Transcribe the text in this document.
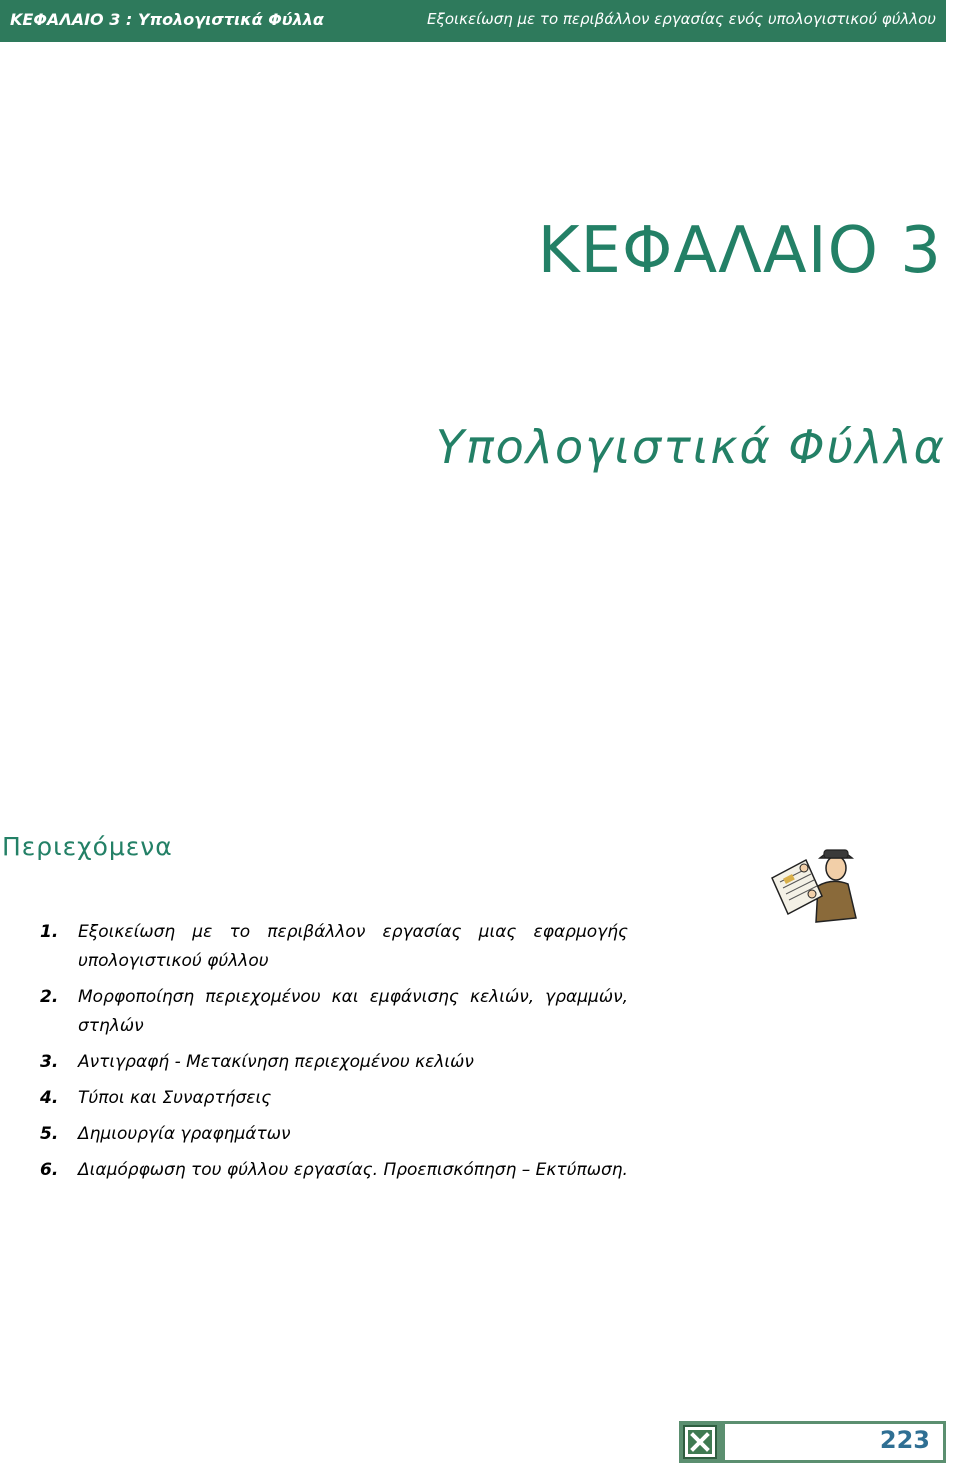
ΚΕΦΑΛΑΙΟ 3 : Υπολογιστικά Φύλλα	Εξοικείωση με το περιβάλλον εργασίας ενός υπολογιστικού φύλλου
ΚΕΦΑΛΑΙΟ 3
Υπολογιστικά Φύλλα
Περιεχόμενα
1.	Εξοικείωση με το περιβάλλον εργασίας μιας εφαρμογής υπολογιστικού φύλλου
2.	Μορφοποίηση περιεχομένου και εμφάνισης κελιών, γραμμών, στηλών
3.	Αντιγραφή - Μετακίνηση περιεχομένου κελιών
4.	Τύποι και Συναρτήσεις
5.	Δημιουργία γραφημάτων
6.	Διαμόρφωση του φύλλου εργασίας. Προεπισκόπηση – Εκτύπωση.
223
